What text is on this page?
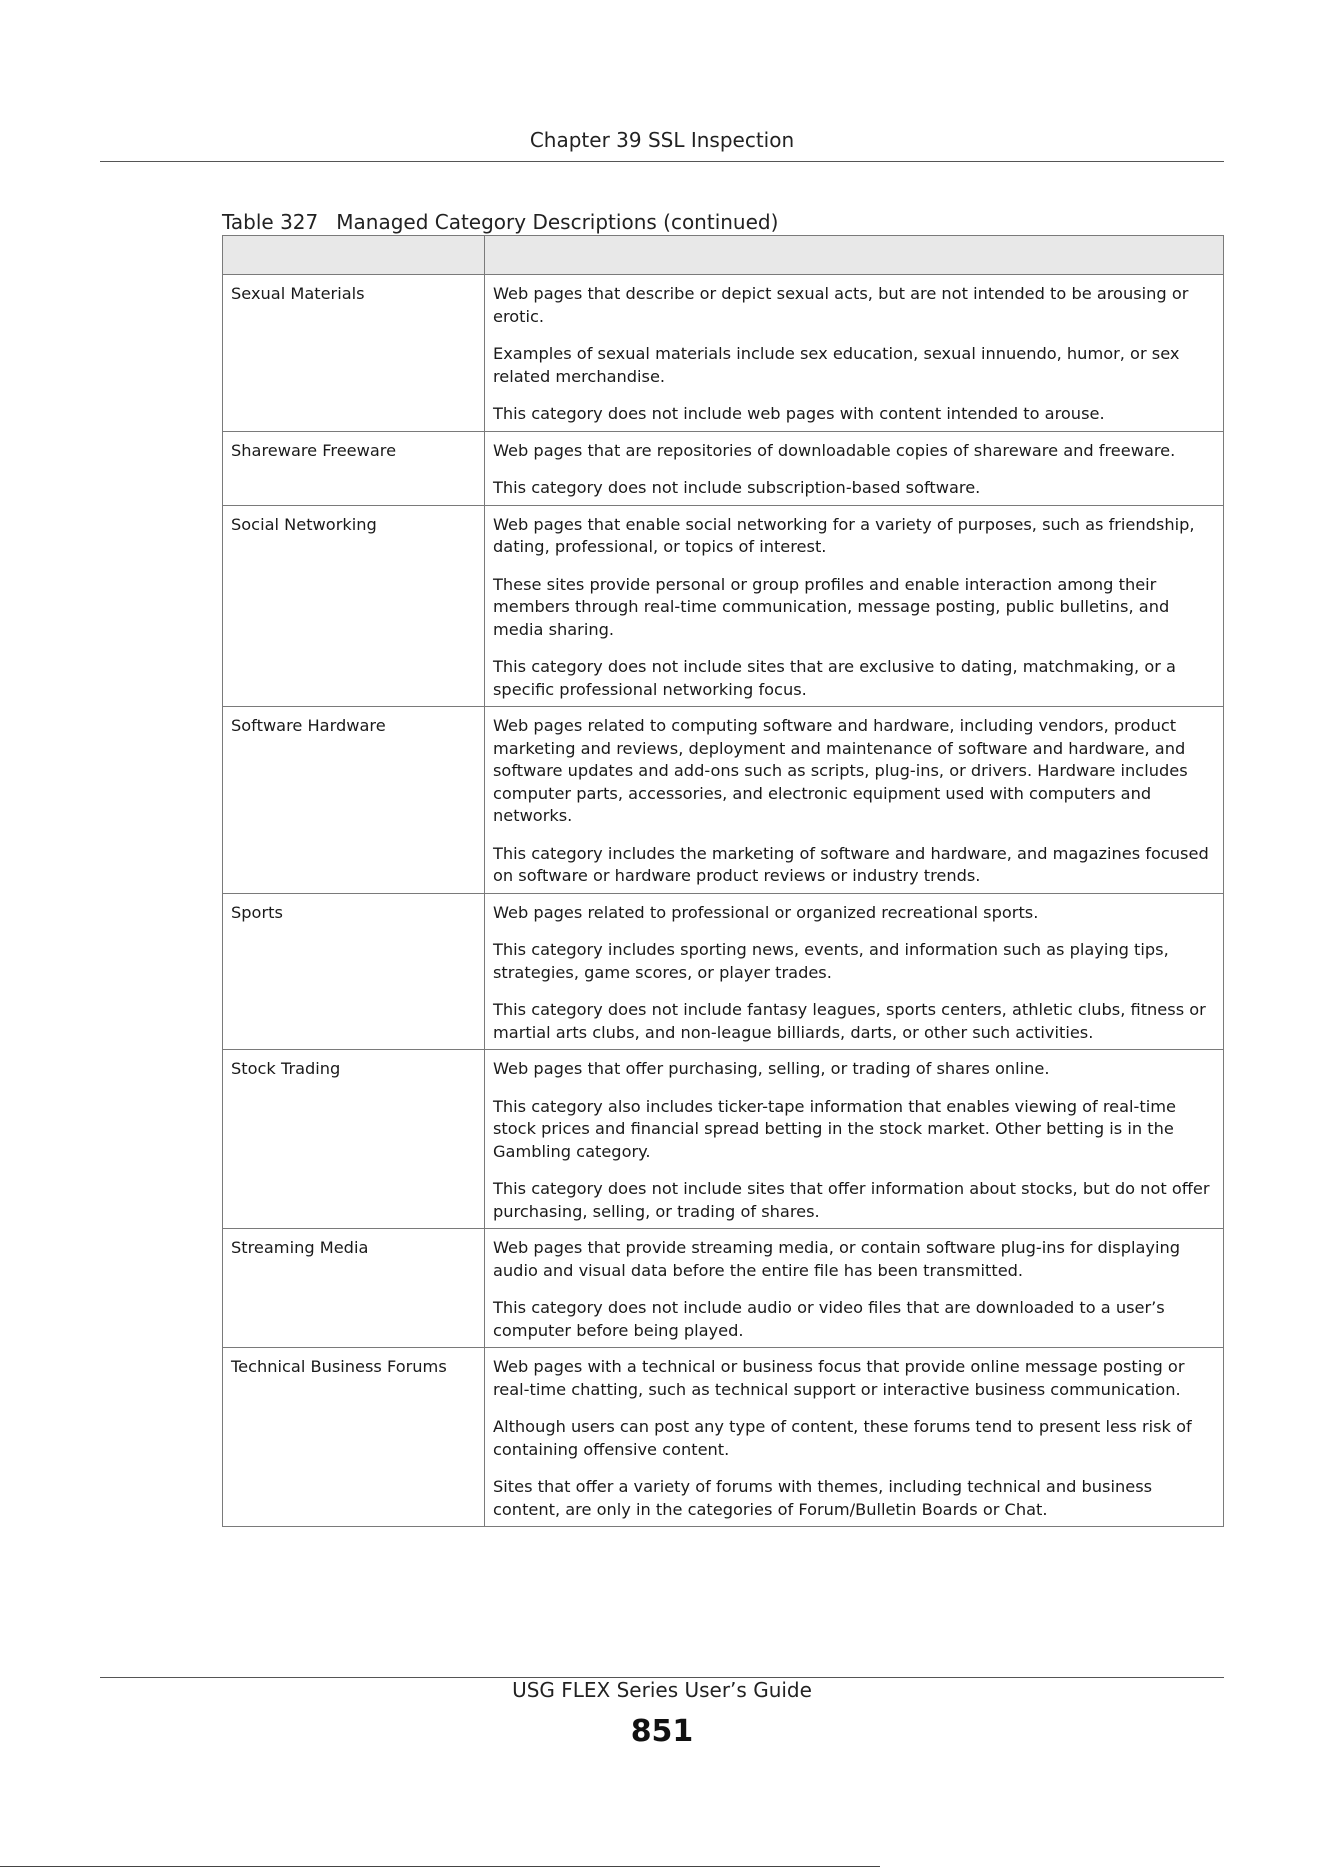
Chapter 39 SSL Inspection
Table 327 Managed Category Descriptions (continued)

Sexual Materials	Web pages that describe or depict sexual acts, but are not intended to be arousing or erotic.

Examples of sexual materials include sex education, sexual innuendo, humor, or sex related merchandise.

This category does not include web pages with content intended to arouse.

Shareware Freeware	Web pages that are repositories of downloadable copies of shareware and freeware.

This category does not include subscription-based software.

Social Networking	Web pages that enable social networking for a variety of purposes, such as friendship, dating, professional, or topics of interest.

These sites provide personal or group profiles and enable interaction among their members through real-time communication, message posting, public bulletins, and media sharing.

This category does not include sites that are exclusive to dating, matchmaking, or a specific professional networking focus.

Software Hardware	Web pages related to computing software and hardware, including vendors, product marketing and reviews, deployment and maintenance of software and hardware, and software updates and add-ons such as scripts, plug-ins, or drivers. Hardware includes computer parts, accessories, and electronic equipment used with computers and networks.

This category includes the marketing of software and hardware, and magazines focused on software or hardware product reviews or industry trends.

Sports	Web pages related to professional or organized recreational sports.

This category includes sporting news, events, and information such as playing tips, strategies, game scores, or player trades.

This category does not include fantasy leagues, sports centers, athletic clubs, fitness or martial arts clubs, and non-league billiards, darts, or other such activities.

Stock Trading	Web pages that offer purchasing, selling, or trading of shares online.

This category also includes ticker-tape information that enables viewing of real-time stock prices and financial spread betting in the stock market. Other betting is in the Gambling category.

This category does not include sites that offer information about stocks, but do not offer purchasing, selling, or trading of shares.

Streaming Media	Web pages that provide streaming media, or contain software plug-ins for displaying audio and visual data before the entire file has been transmitted.

This category does not include audio or video files that are downloaded to a user’s computer before being played.

Technical Business Forums	Web pages with a technical or business focus that provide online message posting or real-time chatting, such as technical support or interactive business communication.

Although users can post any type of content, these forums tend to present less risk of containing offensive content.

Sites that offer a variety of forums with themes, including technical and business content, are only in the categories of Forum/Bulletin Boards or Chat.

USG FLEX Series User’s Guide
851
